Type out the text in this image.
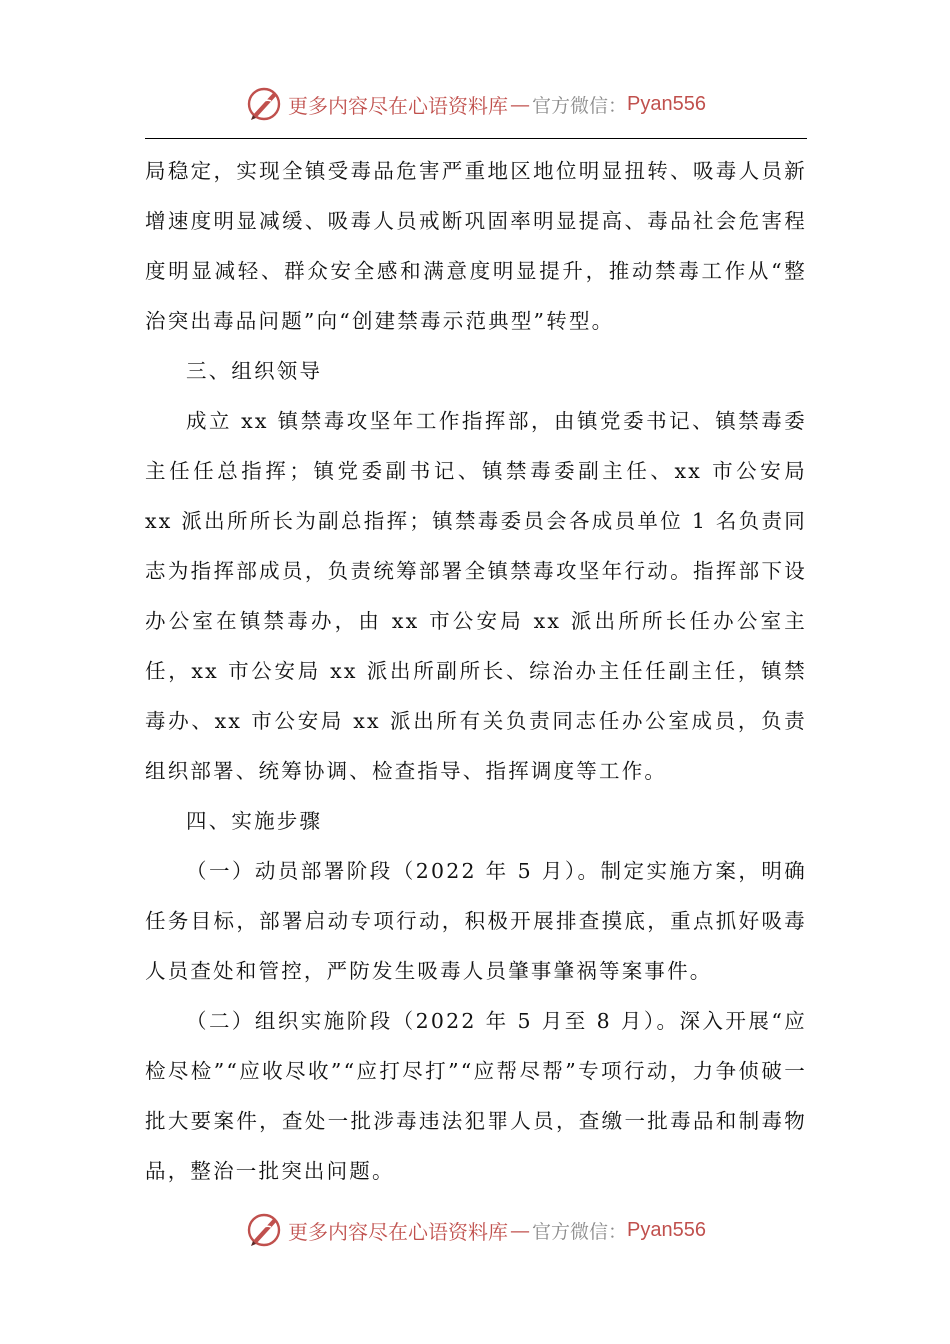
更多内容尽在心语资料库 — 官方微信： Pyan556

局稳定，实现全镇受毒品危害严重地区地位明显扭转、吸毒人员新增速度明显减缓、吸毒人员戒断巩固率明显提高、毒品社会危害程度明显减轻、群众安全感和满意度明显提升，推动禁毒工作从“整治突出毒品问题”向“创建禁毒示范典型”转型。

三、组织领导

成立 xx 镇禁毒攻坚年工作指挥部，由镇党委书记、镇禁毒委主任任总指挥；镇党委副书记、镇禁毒委副主任、xx 市公安局 xx 派出所所长为副总指挥；镇禁毒委员会各成员单位 1 名负责同志为指挥部成员，负责统筹部署全镇禁毒攻坚年行动。指挥部下设办公室在镇禁毒办，由 xx 市公安局 xx 派出所所长任办公室主任，xx 市公安局 xx 派出所副所长、综治办主任任副主任，镇禁毒办、xx 市公安局 xx 派出所有关负责同志任办公室成员，负责组织部署、统筹协调、检查指导、指挥调度等工作。

四、实施步骤

（一）动员部署阶段（2022 年 5 月）。制定实施方案，明确任务目标，部署启动专项行动，积极开展排查摸底，重点抓好吸毒人员查处和管控，严防发生吸毒人员肇事肇祸等案事件。

（二）组织实施阶段（2022 年 5 月至 8 月）。深入开展“应检尽检”“应收尽收”“应打尽打”“应帮尽帮”专项行动，力争侦破一批大要案件，查处一批涉毒违法犯罪人员，查缴一批毒品和制毒物品，整治一批突出问题。

更多内容尽在心语资料库 — 官方微信： Pyan556
